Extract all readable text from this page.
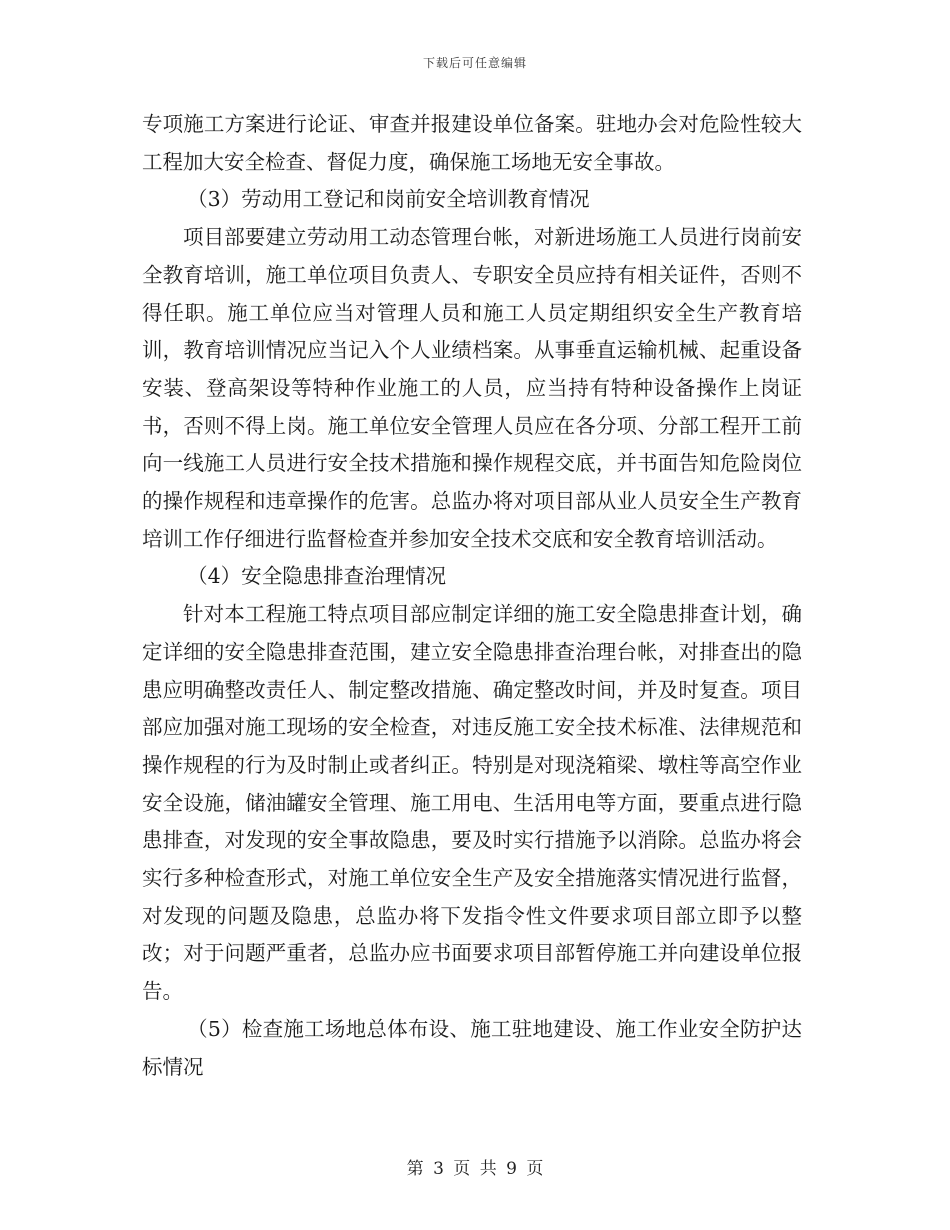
下载后可任意编辑

专项施工方案进行论证、审查并报建设单位备案。驻地办会对危险性较大工程加大安全检查、督促力度，确保施工场地无安全事故。

（3）劳动用工登记和岗前安全培训教育情况

项目部要建立劳动用工动态管理台帐，对新进场施工人员进行岗前安全教育培训，施工单位项目负责人、专职安全员应持有相关证件，否则不得任职。施工单位应当对管理人员和施工人员定期组织安全生产教育培训，教育培训情况应当记入个人业绩档案。从事垂直运输机械、起重设备安装、登高架设等特种作业施工的人员，应当持有特种设备操作上岗证书，否则不得上岗。施工单位安全管理人员应在各分项、分部工程开工前向一线施工人员进行安全技术措施和操作规程交底，并书面告知危险岗位的操作规程和违章操作的危害。总监办将对项目部从业人员安全生产教育培训工作仔细进行监督检查并参加安全技术交底和安全教育培训活动。

（4）安全隐患排查治理情况

针对本工程施工特点项目部应制定详细的施工安全隐患排查计划，确定详细的安全隐患排查范围，建立安全隐患排查治理台帐，对排查出的隐患应明确整改责任人、制定整改措施、确定整改时间，并及时复查。项目部应加强对施工现场的安全检查，对违反施工安全技术标准、法律规范和操作规程的行为及时制止或者纠正。特别是对现浇箱梁、墩柱等高空作业安全设施，储油罐安全管理、施工用电、生活用电等方面，要重点进行隐患排查，对发现的安全事故隐患，要及时实行措施予以消除。总监办将会实行多种检查形式，对施工单位安全生产及安全措施落实情况进行监督，对发现的问题及隐患，总监办将下发指令性文件要求项目部立即予以整改；对于问题严重者，总监办应书面要求项目部暂停施工并向建设单位报告。

（5）检查施工场地总体布设、施工驻地建设、施工作业安全防护达标情况

第 3 页 共 9 页
